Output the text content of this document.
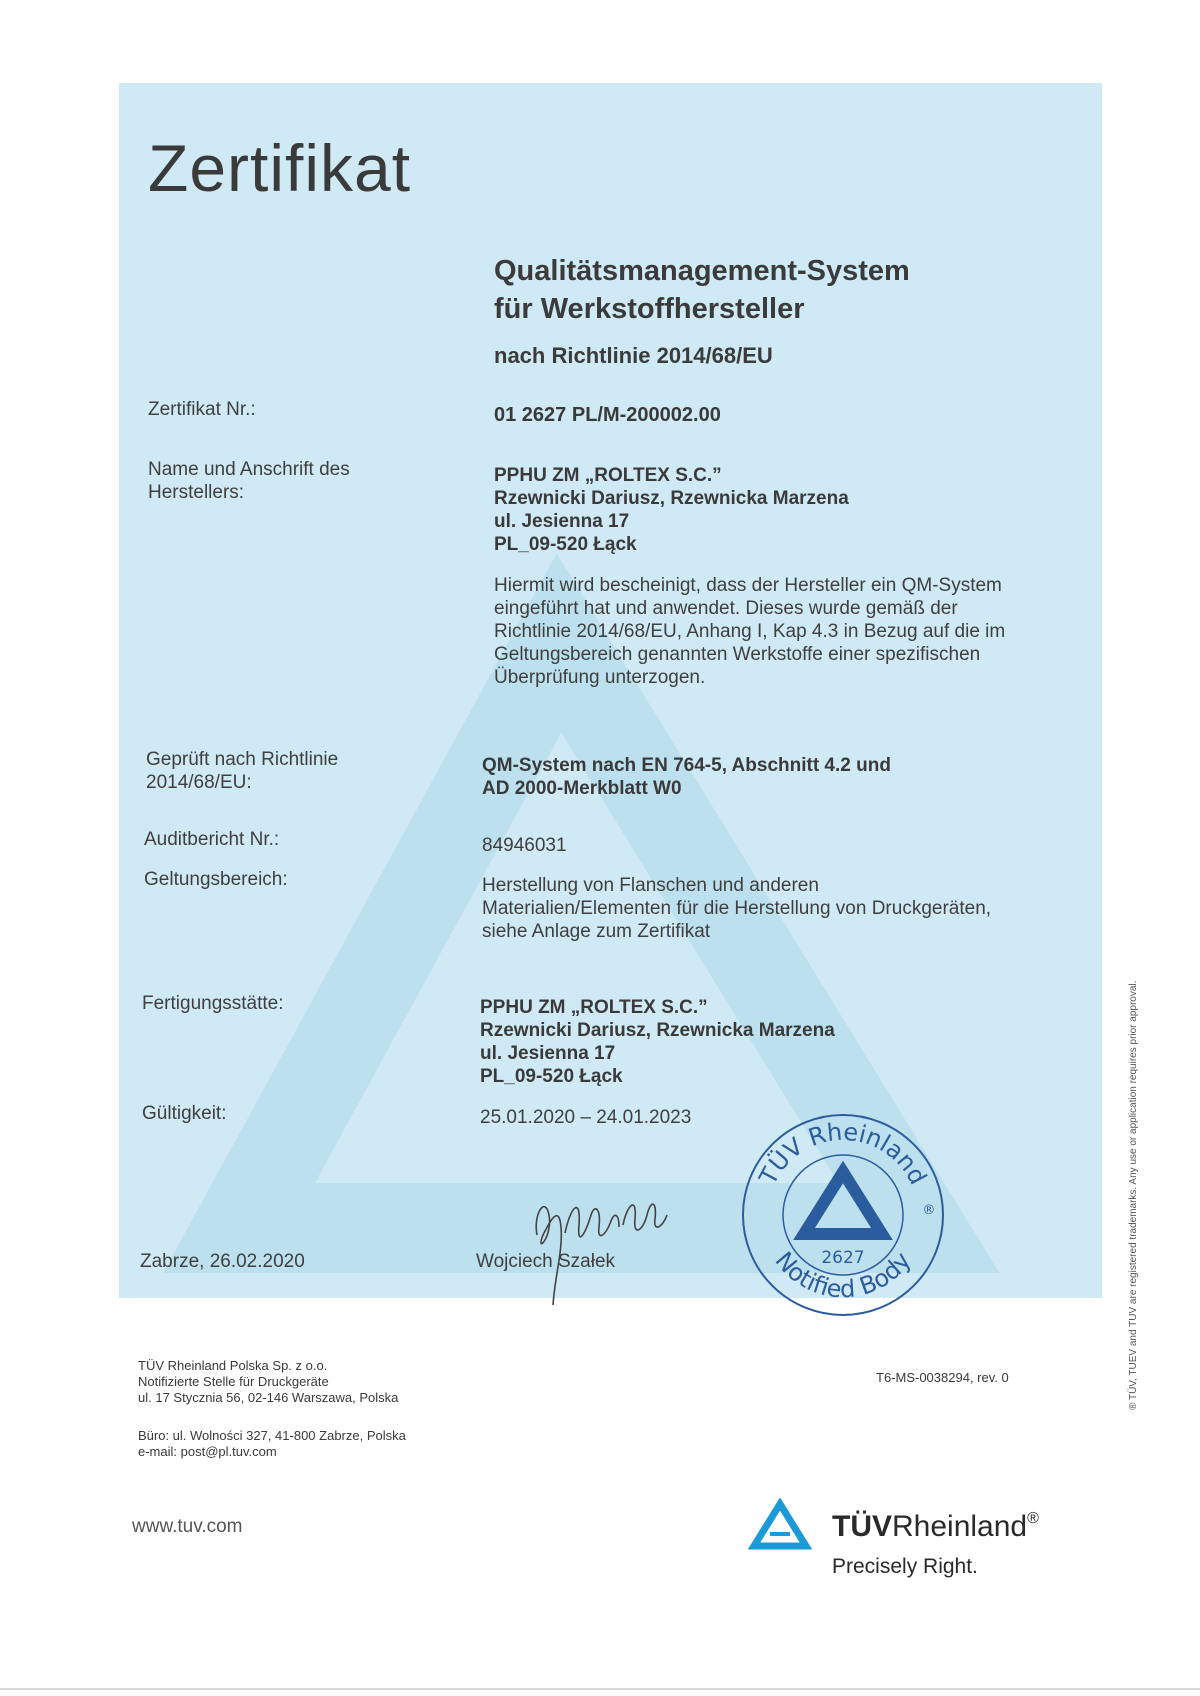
Zertifikat
Qualitätsmanagement-System
für Werkstoffhersteller
nach Richtlinie 2014/68/EU
Zertifikat Nr.:	01 2627 PL/M-200002.00
Name und Anschrift des
Herstellers:
PPHU ZM „ROLTEX S.C.”
Rzewnicki Dariusz, Rzewnicka Marzena
ul. Jesienna 17
PL_09-520 Łąck
Hiermit wird bescheinigt, dass der Hersteller ein QM-System
eingeführt hat und anwendet. Dieses wurde gemäß der
Richtlinie 2014/68/EU, Anhang I, Kap 4.3 in Bezug auf die im
Geltungsbereich genannten Werkstoffe einer spezifischen
Überprüfung unterzogen.
Geprüft nach Richtlinie
2014/68/EU:
QM-System nach EN 764-5, Abschnitt 4.2 und
AD 2000-Merkblatt W0
Auditbericht Nr.:	84946031
Geltungsbereich:	Herstellung von Flanschen und anderen
Materialien/Elementen für die Herstellung von Druckgeräten,
siehe Anlage zum Zertifikat
Fertigungsstätte:	PPHU ZM „ROLTEX S.C.”
Rzewnicki Dariusz, Rzewnicka Marzena
ul. Jesienna 17
PL_09-520 Łąck
Gültigkeit:	25.01.2020 – 24.01.2023
Zabrze, 26.02.2020	Wojciech Szałek
TÜV Rheinland
Notified Body
2627
®
TÜV Rheinland Polska Sp. z o.o.
Notifizierte Stelle für Druckgeräte
ul. 17 Stycznia 56, 02-146 Warszawa, Polska
T6-MS-0038294, rev. 0
Büro: ul. Wolności 327, 41-800 Zabrze, Polska
e-mail: post@pl.tuv.com
www.tuv.com	TÜVRheinland®
Precisely Right.
® TÜV, TUEV and TUV are registered trademarks. Any use or application requires prior approval.
